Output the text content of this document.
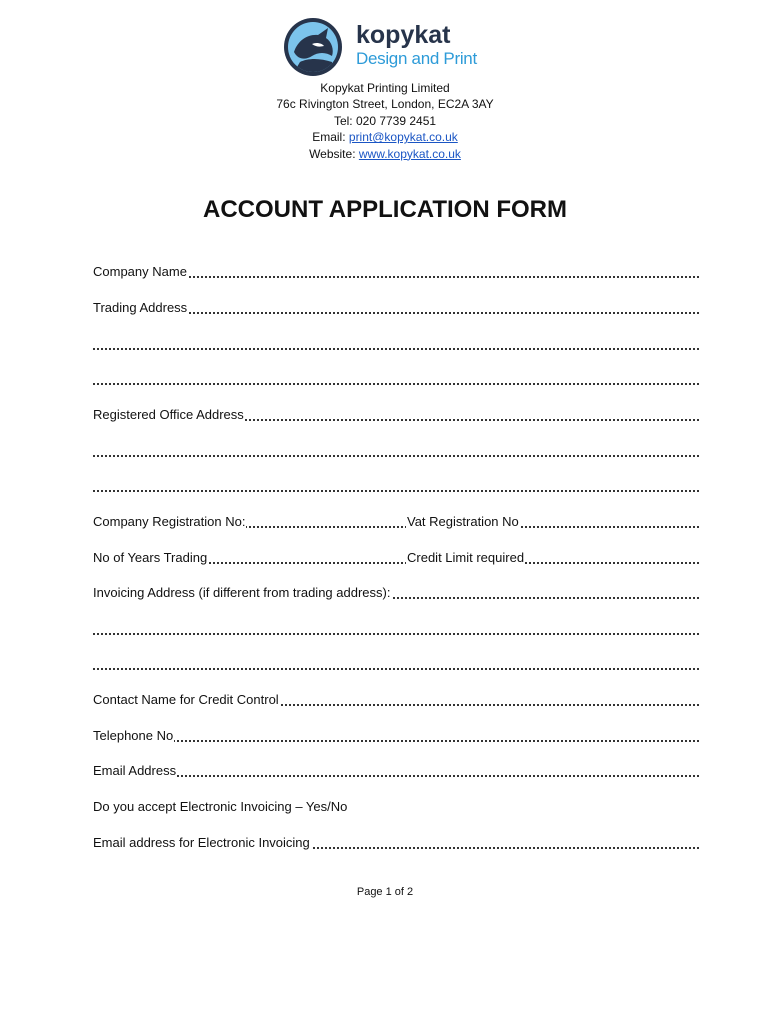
kopykat
Design and Print
Kopykat Printing Limited
76c Rivington Street, London, EC2A 3AY
Tel: 020 7739 2451
Email: print@kopykat.co.uk
Website: www.kopykat.co.uk
ACCOUNT APPLICATION FORM
Company Name
Trading Address
Registered Office Address
Company Registration No:	Vat Registration No
No of Years Trading	Credit Limit required
Invoicing Address (if different from trading address):
Contact Name for Credit Control
Telephone No
Email Address
Do you accept Electronic Invoicing – Yes/No
Email address for Electronic Invoicing
Page 1 of 2
